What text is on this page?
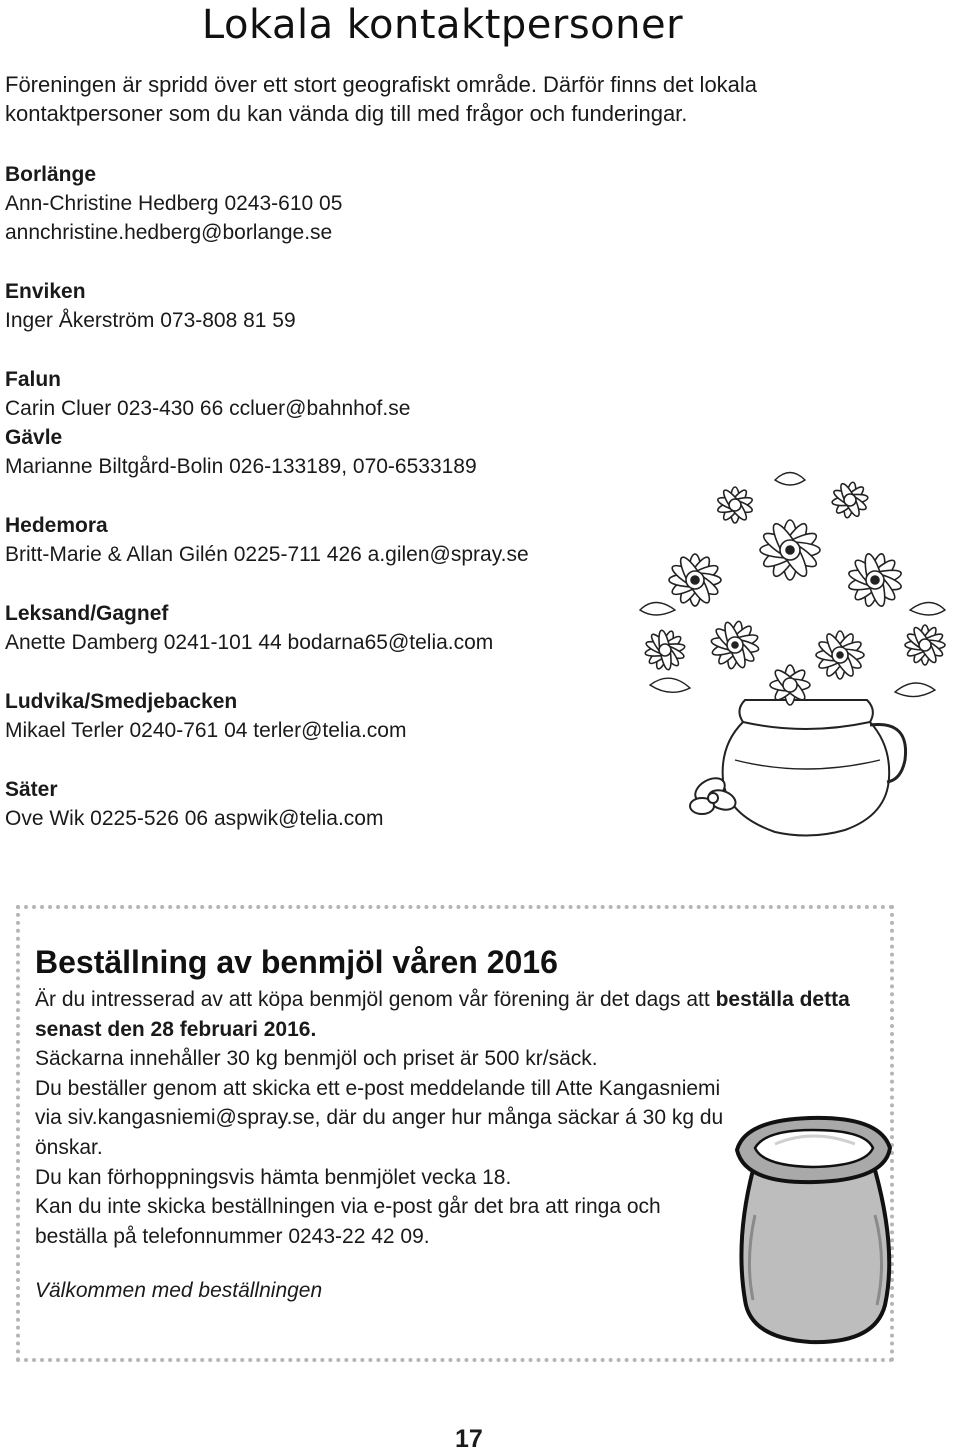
Lokala kontaktpersoner

Föreningen är spridd över ett stort geografiskt område. Därför finns det lokala kontaktpersoner som du kan vända dig till med frågor och funderingar.

Borlänge
Ann-Christine Hedberg 0243-610 05 annchristine.hedberg@borlange.se
Enviken
Inger Åkerström 073-808 81 59
Falun
Carin Cluer 023-430 66 ccluer@bahnhof.se
Gävle
Marianne Biltgård-Bolin 026-133189, 070-6533189
Hedemora
Britt-Marie & Allan Gilén 0225-711 426 a.gilen@spray.se
Leksand/Gagnef
Anette Damberg 0241-101 44 bodarna65@telia.com
Ludvika/Smedjebacken
Mikael Terler 0240-761 04 terler@telia.com
Säter
Ove Wik 0225-526 06 aspwik@telia.com
Beställning av benmjöl våren 2016

Är du intresserad av att köpa benmjöl genom vår förening är det dags att beställa detta senast den 28 februari 2016.

Säckarna innehåller 30 kg benmjöl och priset är 500 kr/säck.

Du beställer genom att skicka ett e-post meddelande till Atte Kangasniemi via siv.kangasniemi@spray.se, där du anger hur många säckar á 30 kg du önskar.

Du kan förhoppningsvis hämta benmjölet vecka 18.

Kan du inte skicka beställningen via e-post går det bra att ringa och beställa på telefonnummer 0243-22 42 09.

Välkommen med beställningen

17
